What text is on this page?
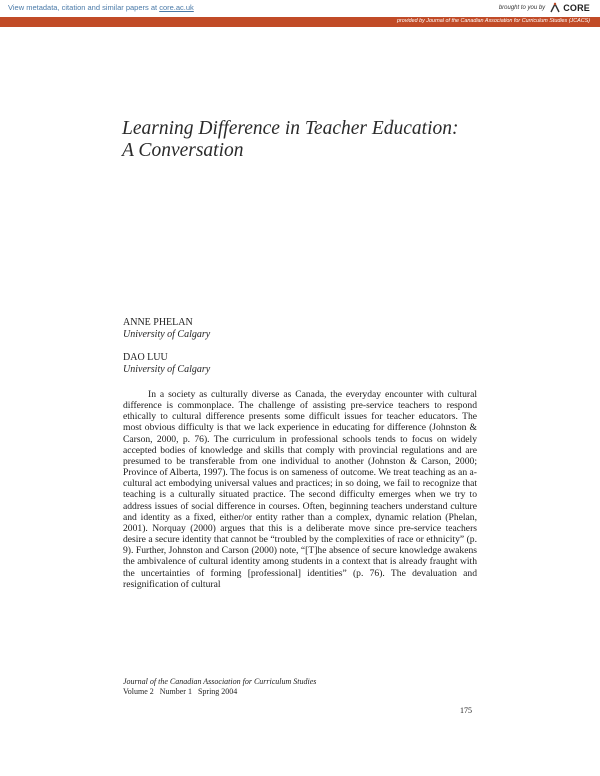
View metadata, citation and similar papers at core.ac.uk	brought to you by CORE
provided by Journal of the Canadian Association for Curriculum Studies (JCACS)
Learning Difference in Teacher Education:
A Conversation
ANNE PHELAN
University of Calgary
DAO LUU
University of Calgary

In a society as culturally diverse as Canada, the everyday encounter with cultural difference is commonplace. The challenge of assisting pre-service teachers to respond ethically to cultural difference presents some difficult issues for teacher educators. The most obvious difficulty is that we lack experience in educating for difference (Johnston & Carson, 2000, p. 76). The curriculum in professional schools tends to focus on widely accepted bodies of knowledge and skills that comply with provincial regulations and are presumed to be transferable from one individual to another (Johnston & Carson, 2000; Province of Alberta, 1997). The focus is on sameness of outcome. We treat teaching as an a-cultural act embodying universal values and practices; in so doing, we fail to recognize that teaching is a culturally situated practice. The second difficulty emerges when we try to address issues of social difference in courses. Often, beginning teachers understand culture and identity as a fixed, either/or entity rather than a complex, dynamic relation (Phelan, 2001). Norquay (2000) argues that this is a deliberate move since pre-service teachers desire a secure identity that cannot be “troubled by the complexities of race or ethnicity” (p. 9). Further, Johnston and Carson (2000) note, “[T]he absence of secure knowledge awakens the ambivalence of cultural identity among students in a context that is already fraught with the uncertainties of forming [professional] identities” (p. 76). The devaluation and resignification of cultural

Journal of the Canadian Association for Curriculum Studies
Volume 2   Number 1   Spring 2004
175
